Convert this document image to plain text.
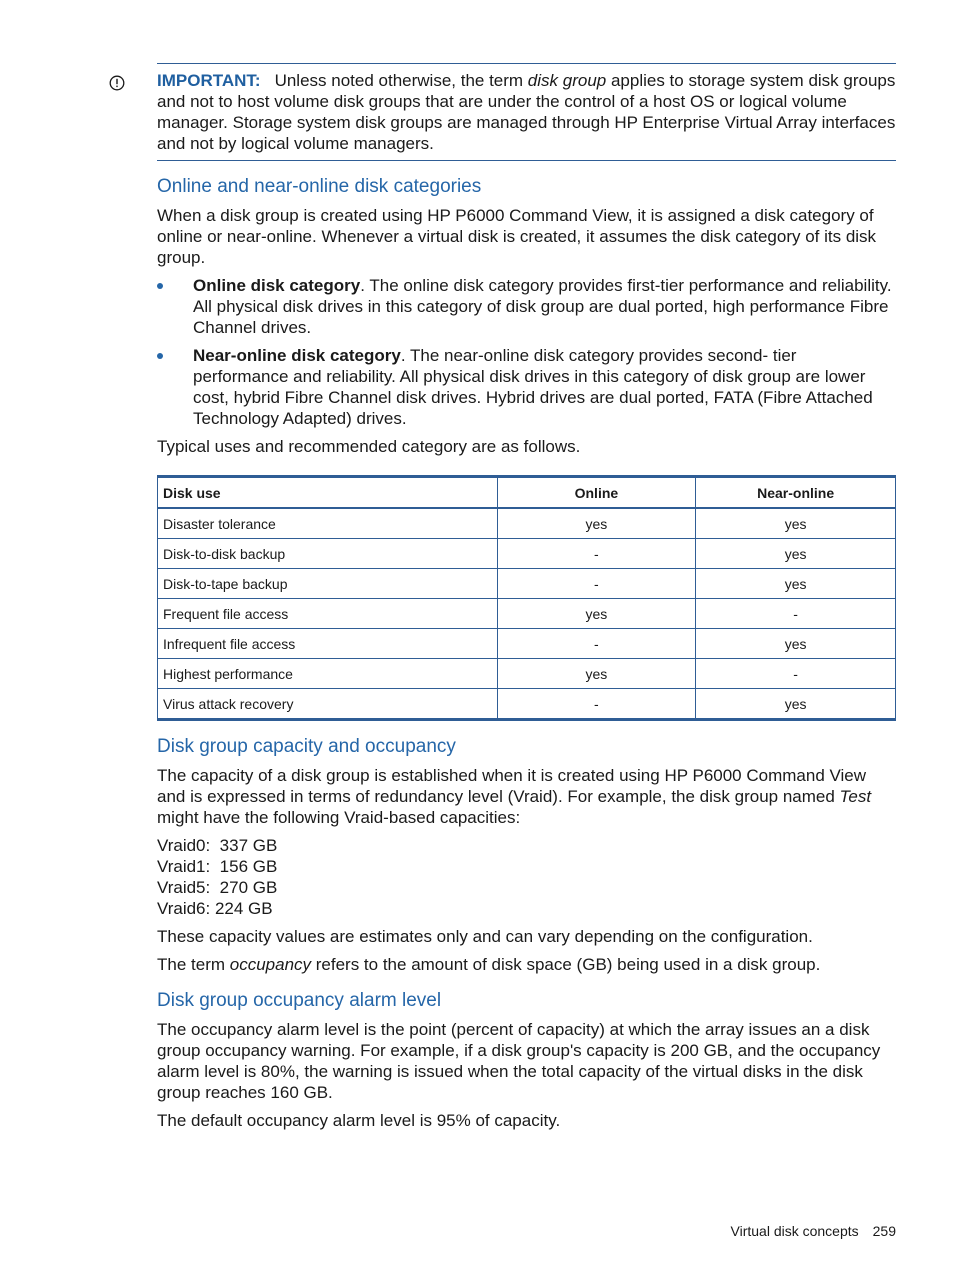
IMPORTANT: Unless noted otherwise, the term disk group applies to storage system disk groups and not to host volume disk groups that are under the control of a host OS or logical volume manager. Storage system disk groups are managed through HP Enterprise Virtual Array interfaces and not by logical volume managers.
Online and near-online disk categories

When a disk group is created using HP P6000 Command View, it is assigned a disk category of online or near-online. Whenever a virtual disk is created, it assumes the disk category of its disk group.

Online disk category. The online disk category provides first-tier performance and reliability. All physical disk drives in this category of disk group are dual ported, high performance Fibre Channel drives.
Near-online disk category. The near-online disk category provides second- tier performance and reliability. All physical disk drives in this category of disk group are lower cost, hybrid Fibre Channel disk drives. Hybrid drives are dual ported, FATA (Fibre Attached Technology Adapted) drives.

Typical uses and recommended category are as follows.

Disk use	Online	Near-online
Disaster tolerance	yes	yes
Disk-to-disk backup	-	yes
Disk-to-tape backup	-	yes
Frequent file access	yes	-
Infrequent file access	-	yes
Highest performance	yes	-
Virus attack recovery	-	yes
Disk group capacity and occupancy

The capacity of a disk group is established when it is created using HP P6000 Command View and is expressed in terms of redundancy level (Vraid). For example, the disk group named Test might have the following Vraid-based capacities:

Vraid0:  337 GB
Vraid1:  156 GB
Vraid5:  270 GB
Vraid6: 224 GB

These capacity values are estimates only and can vary depending on the configuration.

The term occupancy refers to the amount of disk space (GB) being used in a disk group.

Disk group occupancy alarm level

The occupancy alarm level is the point (percent of capacity) at which the array issues an a disk group occupancy warning. For example, if a disk group's capacity is 200 GB, and the occupancy alarm level is 80%, the warning is issued when the total capacity of the virtual disks in the disk group reaches 160 GB.

The default occupancy alarm level is 95% of capacity.

Virtual disk concepts 259
